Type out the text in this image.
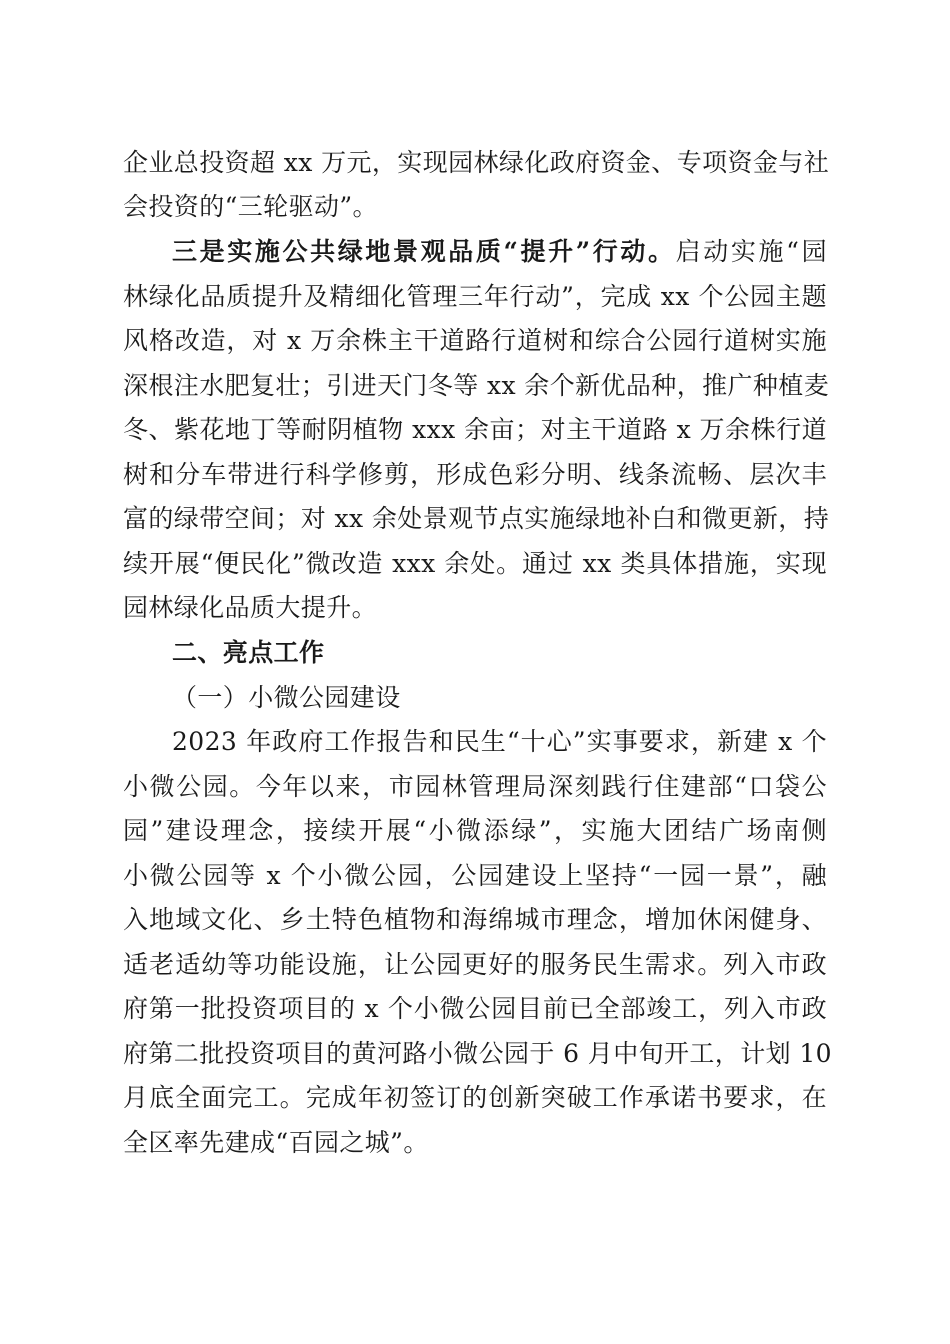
企业总投资超 xx 万元，实现园林绿化政府资金、专项资金与社
会投资的“三轮驱动”。
三是实施公共绿地景观品质“提升”行动。启动实施“园
林绿化品质提升及精细化管理三年行动”，完成 xx 个公园主题
风格改造，对 x 万余株主干道路行道树和综合公园行道树实施
深根注水肥复壮；引进天门冬等 xx 余个新优品种，推广种植麦
冬、紫花地丁等耐阴植物 xxx 余亩；对主干道路 x 万余株行道
树和分车带进行科学修剪，形成色彩分明、线条流畅、层次丰
富的绿带空间；对 xx 余处景观节点实施绿地补白和微更新，持
续开展“便民化”微改造 xxx 余处。通过 xx 类具体措施，实现
园林绿化品质大提升。
二、亮点工作
（一）小微公园建设
2023 年政府工作报告和民生“十心”实事要求，新建 x 个
小微公园。今年以来，市园林管理局深刻践行住建部“口袋公
园”建设理念，接续开展“小微添绿”，实施大团结广场南侧
小微公园等 x 个小微公园，公园建设上坚持“一园一景”，融
入地域文化、乡土特色植物和海绵城市理念，增加休闲健身、
适老适幼等功能设施，让公园更好的服务民生需求。列入市政
府第一批投资项目的 x 个小微公园目前已全部竣工，列入市政
府第二批投资项目的黄河路小微公园于 6 月中旬开工，计划 10
月底全面完工。完成年初签订的创新突破工作承诺书要求，在
全区率先建成“百园之城”。
